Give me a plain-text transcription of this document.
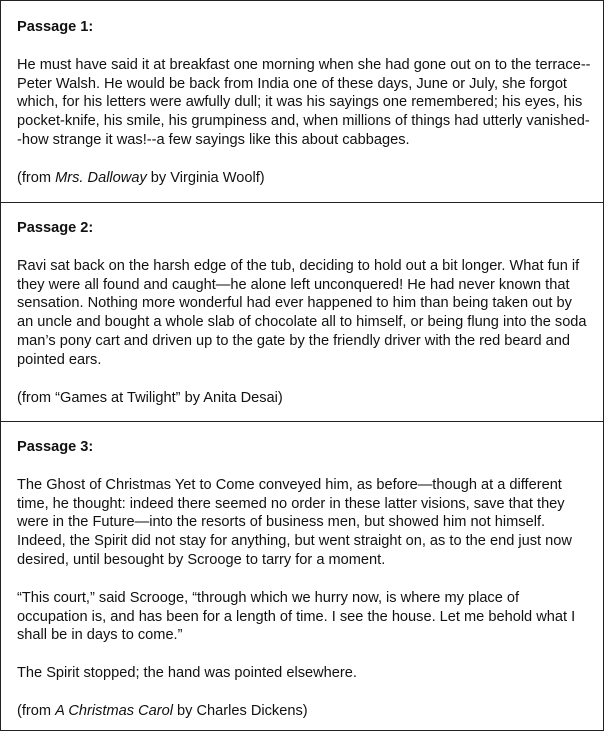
Passage 1:

He must have said it at breakfast one morning when she had gone out on to the terrace--Peter Walsh. He would be back from India one of these days, June or July, she forgot which, for his letters were awfully dull; it was his sayings one remembered; his eyes, his pocket-knife, his smile, his grumpiness and, when millions of things had utterly vanished--how strange it was!--a few sayings like this about cabbages.

(from Mrs. Dalloway by Virginia Woolf)

Passage 2:

Ravi sat back on the harsh edge of the tub, deciding to hold out a bit longer. What fun if they were all found and caught—he alone left unconquered! He had never known that sensation. Nothing more wonderful had ever happened to him than being taken out by an uncle and bought a whole slab of chocolate all to himself, or being flung into the soda man’s pony cart and driven up to the gate by the friendly driver with the red beard and pointed ears.

(from “Games at Twilight” by Anita Desai)

Passage 3:

The Ghost of Christmas Yet to Come conveyed him, as before—though at a different time, he thought: indeed there seemed no order in these latter visions, save that they were in the Future—into the resorts of business men, but showed him not himself. Indeed, the Spirit did not stay for anything, but went straight on, as to the end just now desired, until besought by Scrooge to tarry for a moment.

“This court,” said Scrooge, “through which we hurry now, is where my place of occupation is, and has been for a length of time. I see the house. Let me behold what I shall be in days to come.”

The Spirit stopped; the hand was pointed elsewhere.

(from A Christmas Carol by Charles Dickens)
